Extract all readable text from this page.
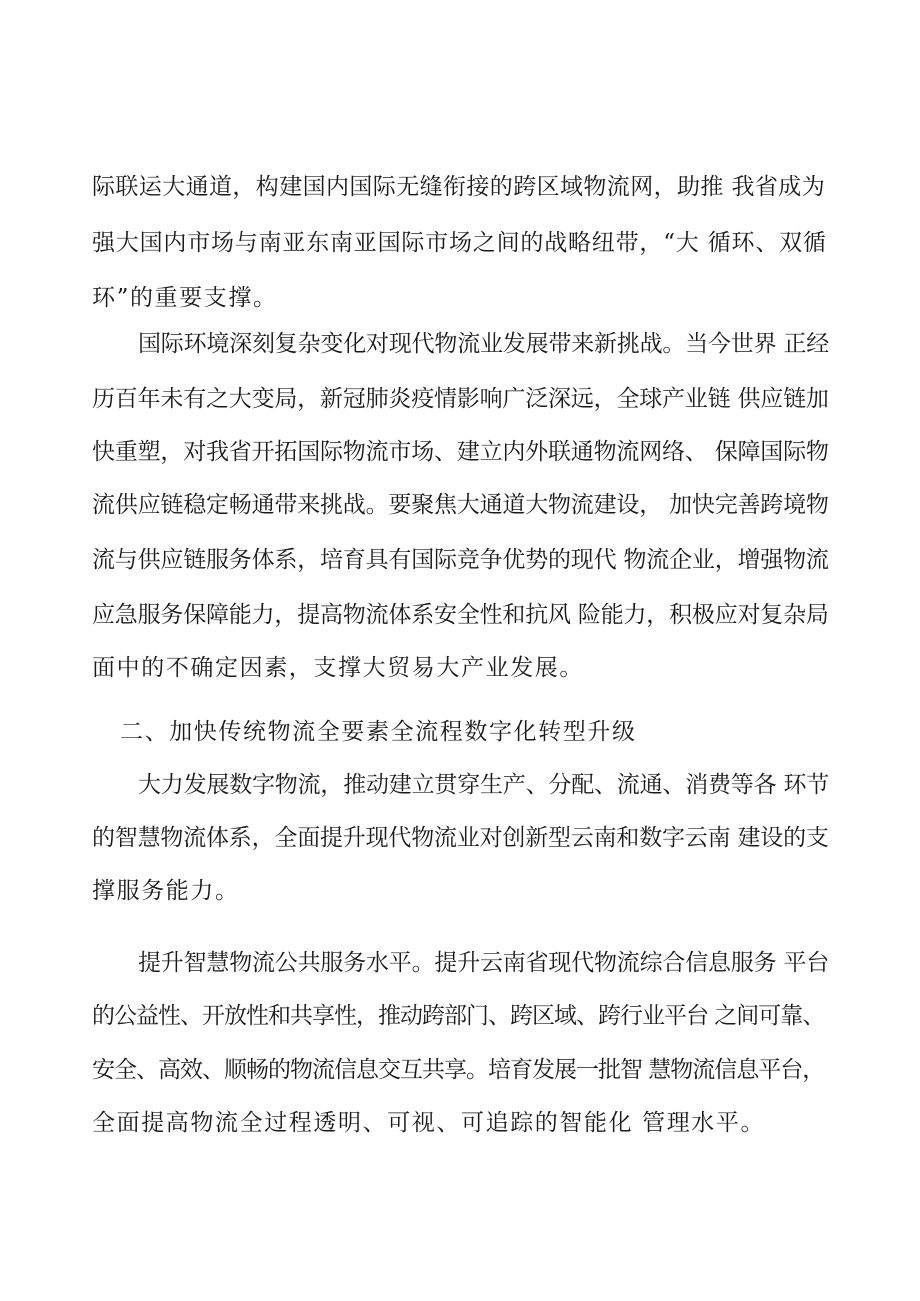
际联运大通道，构建国内国际无缝衔接的跨区域物流网，助推 我省成为
强大国内市场与南亚东南亚国际市场之间的战略纽带，“大 循环、双循
环”的重要支撑。
国际环境深刻复杂变化对现代物流业发展带来新挑战。当今世界 正经
历百年未有之大变局，新冠肺炎疫情影响广泛深远，全球产业链 供应链加
快重塑，对我省开拓国际物流市场、建立内外联通物流网络、 保障国际物
流供应链稳定畅通带来挑战。要聚焦大通道大物流建设， 加快完善跨境物
流与供应链服务体系，培育具有国际竞争优势的现代 物流企业，增强物流
应急服务保障能力，提高物流体系安全性和抗风 险能力，积极应对复杂局
面中的不确定因素，支撑大贸易大产业发展。
二、加快传统物流全要素全流程数字化转型升级
大力发展数字物流，推动建立贯穿生产、分配、流通、消费等各 环节
的智慧物流体系，全面提升现代物流业对创新型云南和数字云南 建设的支
撑服务能力。
提升智慧物流公共服务水平。提升云南省现代物流综合信息服务 平台
的公益性、开放性和共享性，推动跨部门、跨区域、跨行业平台 之间可靠、
安全、高效、顺畅的物流信息交互共享。培育发展一批智 慧物流信息平台，
全面提高物流全过程透明、可视、可追踪的智能化 管理水平。
